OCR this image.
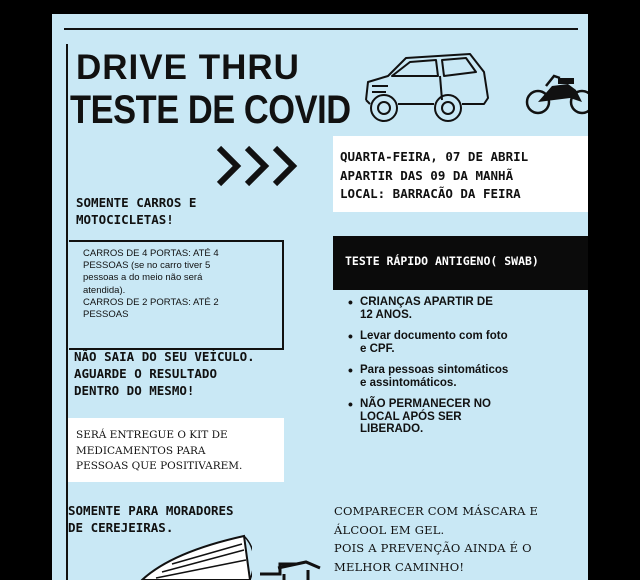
DRIVE THRU
TESTE DE COVID
SOMENTE CARROS E
MOTOCICLETAS!
CARROS DE 4 PORTAS: ATÉ 4
PESSOAS (se no carro tiver 5
pessoas a do meio não será
atendida).
CARROS DE 2 PORTAS: ATÉ 2
PESSOAS
NÃO SAIA DO SEU VEÍCULO.
AGUARDE O RESULTADO
DENTRO DO MESMO!
SERÁ ENTREGUE O KIT DE
MEDICAMENTOS PARA
PESSOAS QUE POSITIVAREM.
SOMENTE PARA MORADORES
DE CEREJEIRAS.
QUARTA-FEIRA, 07 DE ABRIL
APARTIR DAS 09 DA MANHÃ
LOCAL: BARRACÃO DA FEIRA
TESTE RÁPIDO ANTIGENO( SWAB)
• CRIANÇAS APARTIR DE
12 ANOS.
• Levar documento com foto
e CPF.
• Para pessoas sintomáticos
e assintomáticos.
• NÃO PERMANECER NO
LOCAL APÓS SER
LIBERADO.
COMPARECER COM MÁSCARA E
ÁLCOOL EM GEL.
POIS A PREVENÇÃO AINDA É O
MELHOR CAMINHO!
